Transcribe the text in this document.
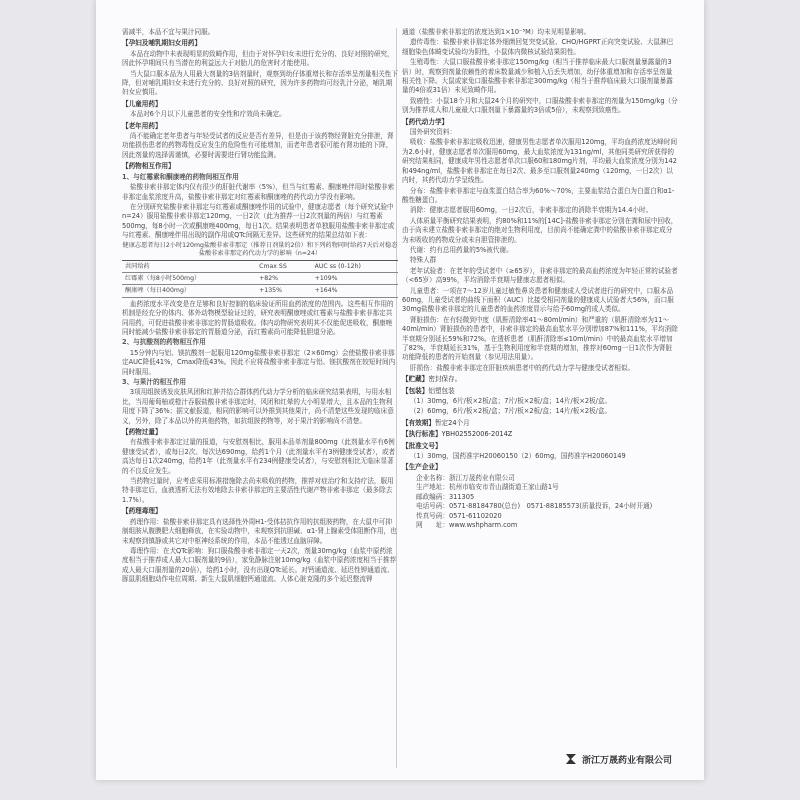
需减半，本品不宜与果汁同服。

【孕妇及哺乳期妇女用药】

本品在动物中未表现明显的致畸作用，但由于对怀孕妇女未进行充分的、良好对照的研究，因此怀孕期间只有当潜在的利益远大于对胎儿的危害时才能使用。

当大鼠口服本品为人用最大剂量的3倍剂量时，观察到幼仔体重增长和存活率呈剂量相关性下降，但对哺乳期妇女未进行充分的、良好对照的研究，因为许多药物均可经乳汁分泌，哺乳期妇女应慎用。

【儿童用药】

本品对6个月以下儿童患者的安全性和疗效尚未确定。

【老年用药】

尚不能确定老年患者与年轻受试者的反应是否有差异，但是由于该药物经肾脏充分排泄，肾功能损伤患者的药物毒性反应发生的危险性有可能增加，而老年患者很可能有肾功能的下降，因此剂量的选择需谨慎，必要时需要进行肾功能监测。

【药物相互作用】
1、与红霉素和酮康唑的药物间相互作用

盐酸非索非那定体内仅有很少的肝脏代谢率（5%），但当与红霉素、酮康唑伴用时盐酸非索非那定血浆浓度升高，盐酸非索非那定对红霉素和酮康唑的药代动力学没有影响。

在分别研究盐酸非索非那定与红霉素或酮康唑作用的试验中，健康志愿者（每个研究试验中n=24）服用盐酸非索非那定120mg，一日2次（此为推荐一日2次剂量的两倍）与红霉素500mg，每8小时一次或酮康唑400mg，每日1次。结果表明患者单独服用盐酸非索非那定或与红霉素、酮康唑伴用出现的副作用或QTc间隔无差异。这些研究的结果总结如下表：

健康志愿者每日2小时120mg盐酸非索非那定（推荐日剂量的2倍）和下列药物同时给药7天后对稳态盐酸非索非那定药代动力学的影响（n=24）
共同给药	Cmax SS	AUC ss (0-12h)
红霉素（每8小时500mg）	+82%	+109%
酮康唑（每日400mg）	+135%	+164%

血药浓度水平改变是在足够和良好控制的临床验证所用血药浓度的范围内。这些相互作用的机制是经充分的体内、体外动物模型验证过的，研究表明酮康唑或红霉素与盐酸非索非那定共同用药，可促进盐酸非索非那定的胃肠道吸收。体内动物研究表明其不仅能促进吸收，酮康唑同时能减少盐酸非索非那定的胃肠道分泌，而红霉素尚可能降低胆道分泌。

2、与抗酸剂的药物相互作用

15分钟内与铝、镁抗酸剂一起服用120mg盐酸非索非那定（2×60mg）会使盐酸非索非那定AUC降低41%，Cmax降低43%。因此不应将盐酸非索非那定与铝、镁抗酸剂在较短时间内同时服用。

3、与果汁的相互作用

3项用组胺诱发皮肤风团和红肿并结合群体药代动力学分析的临床研究结果表明，与用水相比，当用葡萄柚或橙汁吞服盐酸非索非那定时，风团和红晕的大小明显增大，且本品的生物利用度下降了36%；据文献报道，相同的影响可以外推到其他果汁，尚不清楚这些发现的临床意义，另外，除了本品以外的其他药物，如抗组胺药物等，对于果汁的影响尚不清楚。

【药物过量】

有盐酸非索非那定过量的报道，与安慰剂相比，服用本品单剂量800mg（此剂量水平有6例健康受试者），或每日2次、每次达690mg，给药1个月（此剂量水平有3例健康受试者），或者高达每日1次240mg，给药1年（此剂量水平有234例健康受试者），与安慰剂相比无临床显著的不良反应发生。

当药物过量时，应考虑采用标准措施除去尚未吸收的药物，推荐对症治疗和支持疗法，服用特非那定后，血液透析无法有效地除去非索非那定的主要活性代谢产物非索非那定（最多除去1.7%）。

【药理毒理】

药理作用：盐酸非索非那定具有选择性外周H1-受体拮抗作用的抗组胺药物，在大鼠中可抑制组胺从腹膜肥大细胞释放，在实验动物中，未观察到抗胆碱、α1-肾上腺素受体阻断作用，也未观察到镇静或其它对中枢神经系统的作用，本品不能透过血脑屏障。

毒理作用：在犬QTc影响：狗口服盐酸非索非那定一天2次，剂量30mg/kg（血浆中原药浓度相当于推荐成人最大口服剂量的9倍），家兔静脉注射10mg/kg（血浆中原药浓度相当于推荐成人最大口服剂量的20倍），给药1小时，没有出现QTc延长。对钙通道流、延迟性钾通道流、豚鼠肌细胞动作电位周期、新生大鼠肌细胞钙通道流、人体心脏克隆的多个延迟整流钾

通道（盐酸非索非那定的浓度达到1×10⁻⁵M）均未见明显影响。

遗传毒性：盐酸非索非那定体外细菌回复突变试验、CHO/HGPRT正向突变试验、大鼠淋巴细胞染色体畸变试验均为阴性，小鼠体内微核试验结果阴性。

生殖毒性：大鼠口服盐酸非索非那定150mg/kg（相当于推荐临床最大口服剂量暴露量的3倍）时，观察到剂量依赖性的着床数量减少和植入后丢失增加，幼仔体重增加和存活率呈剂量相关性下降。大鼠或家兔口服盐酸非索非那定300mg/kg（相当于推荐临床最大口服剂量暴露量的4倍或31倍）未见致畸作用。

致癌性：小鼠18个月和大鼠24个月的研究中，口服盐酸非索非那定的剂量为150mg/kg（分别为推荐成人和儿童最大口服剂量下暴露量的3倍或5倍），未观察到致癌性。

【药代动力学】

国外研究资料：

吸收：盐酸非索非那定吸收迅速，健康男性志愿者单次服用120mg，平均血药浓度达峰时间为2.6小时，健康志愿者单次服用60mg，最大血浆浓度为131ng/ml，其他同类研究所获得的研究结果相同，健康成年男性志愿者单次口服60和180mg片剂，平均最大血浆浓度分别为142和494ng/ml，盐酸非索非那定在每日2次、最多至口服剂量240mg（120mg，一日2次）以内时，其药代动力学呈线性。

分布：盐酸非索非那定与血浆蛋白结合率为60%～70%，主要血浆结合蛋白为白蛋白和α1-酸性糖蛋白。

消除：健康志愿者服用60mg，一日2次后，非索非那定的消除半衰期为14.4小时。

人体质量平衡研究结果表明，约80%和11%的[14C]-盐酸非索非那定分别在粪和尿中回收，由于尚未建立盐酸非索非那定的绝对生物利用度，目前尚不能确定粪中的盐酸非索非那定成分为未吸收的药物成分或未自胆管排泄的。

代谢：约有总用药量的5%被代谢。

特殊人群

老年试验者：在老年的受试者中（≥65岁），非索非那定的最高血药浓度为年轻正常的试验者（<65岁）高99%，平均消除半衰期与健康志愿者相似。

儿童患者：一项在7～12岁儿童过敏性鼻炎患者和健康成人受试者进行的研究中，口服本品60mg，儿童受试者的曲线下面积（AUC）比接受相同剂量的健康成人试验者大56%，而口服30mg盐酸非索非那定的儿童患者的血药浓度显示与给予60mg的成人类似。

肾脏损伤：在有轻微到中度（肌酐清除率41～80ml/min）和严重的（肌酐清除率为11～40ml/min）肾脏损伤的患者中，非索非那定的最高血浆水平分别增加87%和111%，平均消除半衰期分别延长59%和72%。在透析患者（肌酐清除率≤10ml/min）中的最高血浆水平增加了82%，半衰期延长31%，基于生物利用度和半衰期的增加，推荐对60mg一日1次作为肾脏功能降低的患者的开始剂量（参见用法用量）。

肝损伤：盐酸非索非那定在肝脏疾病患者中的药代动力学与健康受试者相似。

【贮藏】密封保存。
【包装】铝塑包装

（1）30mg，6片/板×2板/盒；7片/板×2板/盒；14片/板×2板/盒。

（2）60mg，6片/板×2板/盒；7片/板×2板/盒；14片/板×2板/盒。

【有效期】暂定24个月
【执行标准】YBH02552006-2014Z
【批准文号】

（1）30mg，国药准字H20060150（2）60mg，国药准字H20060149

【生产企业】
企业名称：浙江万晟药业有限公司
生产地址：杭州市临安市青山湖街道王家山路1号
邮政编码：311305
电话号码：0571-88184780(总台)　0571-88185573(质量投诉，24小时开通)
传真号码：0571-61102020
网　　址：www.wshpharm.com
浙江万晟药业有限公司
